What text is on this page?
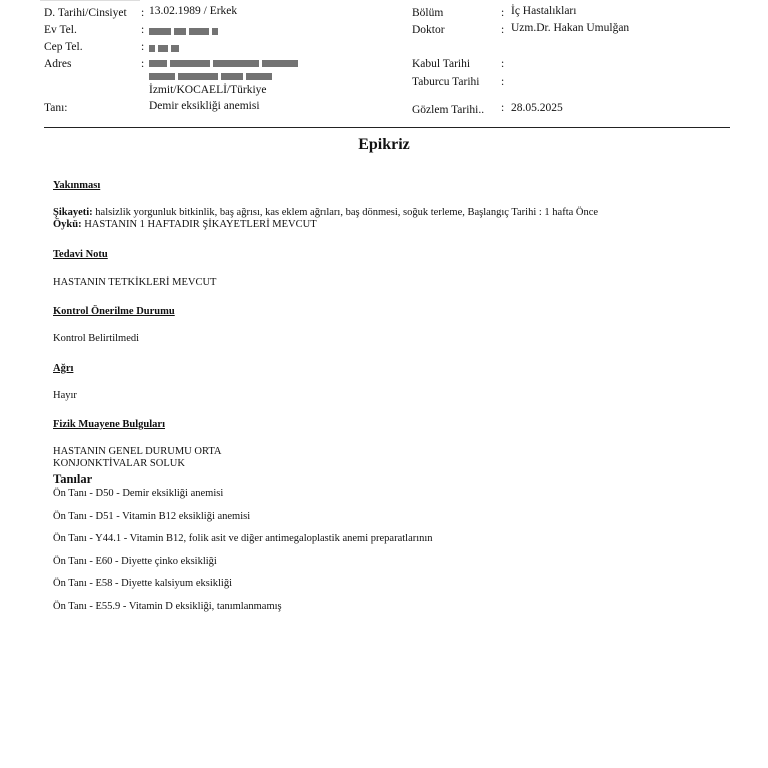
D. Tarihi/Cinsiyet : 13.02.1989 / Erkek
Ev Tel.	:
Cep Tel.	:
Adres	:
İzmit/KOCAELİ/Türkiye
Tanı:	Demir eksikliği anemisi
Bölüm	: İç Hastalıkları
Doktor	: Uzm.Dr. Hakan Umulğan
Kabul Tarihi	:
Taburcu Tarihi :
Gözlem Tarihi.. : 28.05.2025
Epikriz
Yakınması
Şikayeti: halsizlik yorgunluk bitkinlik, baş ağrısı, kas eklem ağrıları, baş dönmesi, soğuk terleme, Başlangıç Tarihi : 1 hafta Önce
Öykü: HASTANIN 1 HAFTADIR ŞİKAYETLERİ MEVCUT
Tedavi Notu
HASTANIN TETKİKLERİ MEVCUT
Kontrol Önerilme Durumu
Kontrol Belirtilmedi
Ağrı
Hayır
Fizik Muayene Bulguları
HASTANIN GENEL DURUMU ORTA
KONJONKTİVALAR SOLUK
Tanılar
Ön Tanı - D50 - Demir eksikliği anemisi
Ön Tanı - D51 - Vitamin B12 eksikliği anemisi
Ön Tanı - Y44.1 - Vitamin B12, folik asit ve diğer antimegaloplastik anemi preparatlarının
Ön Tanı - E60 - Diyette çinko eksikliği
Ön Tanı - E58 - Diyette kalsiyum eksikliği
Ön Tanı - E55.9 - Vitamin D eksikliği, tanımlanmamış
